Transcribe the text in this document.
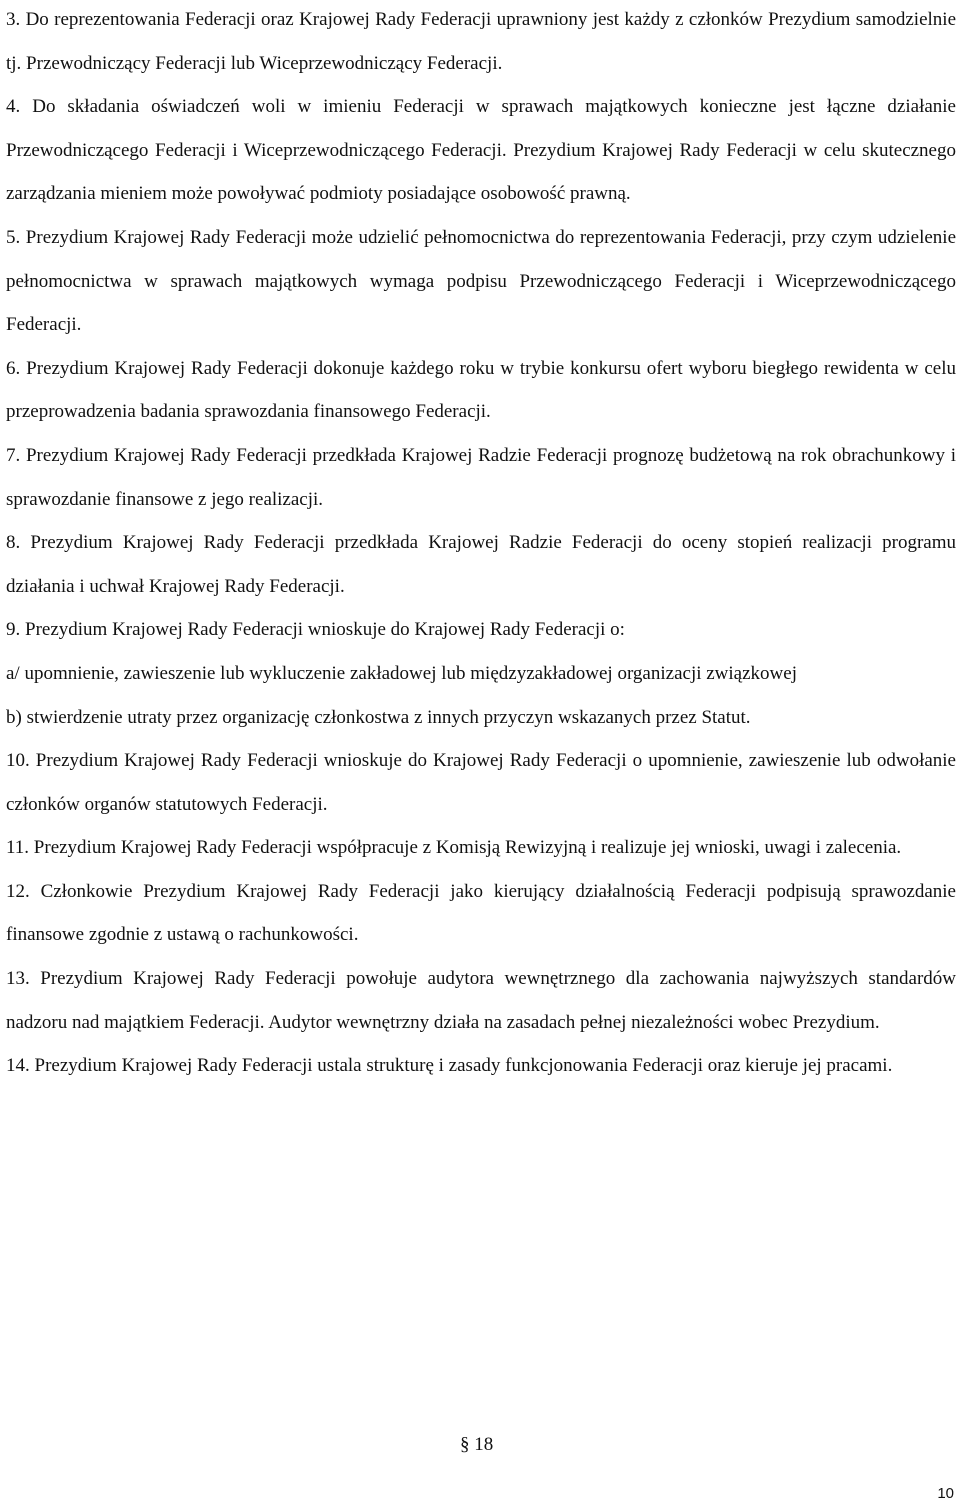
3. Do reprezentowania Federacji oraz Krajowej Rady Federacji uprawniony jest każdy z członków Prezydium samodzielnie tj. Przewodniczący Federacji lub Wiceprzewodniczący Federacji.

4. Do składania oświadczeń woli w imieniu Federacji w sprawach majątkowych konieczne jest łączne działanie Przewodniczącego Federacji i Wiceprzewodniczącego Federacji. Prezydium Krajowej Rady Federacji w celu skutecznego zarządzania mieniem może powoływać podmioty posiadające osobowość prawną.

5. Prezydium Krajowej Rady Federacji może udzielić pełnomocnictwa do reprezentowania Federacji, przy czym udzielenie pełnomocnictwa w sprawach majątkowych wymaga podpisu Przewodniczącego Federacji i Wiceprzewodniczącego Federacji.

6. Prezydium Krajowej Rady Federacji dokonuje każdego roku w trybie konkursu ofert wyboru biegłego rewidenta w celu przeprowadzenia badania sprawozdania finansowego Federacji.

7. Prezydium Krajowej Rady Federacji przedkłada Krajowej Radzie Federacji prognozę budżetową na rok obrachunkowy i sprawozdanie finansowe z jego realizacji.

8. Prezydium Krajowej Rady Federacji przedkłada Krajowej Radzie Federacji do oceny stopień realizacji programu działania i uchwał Krajowej Rady Federacji.

9. Prezydium Krajowej Rady Federacji wnioskuje do Krajowej Rady Federacji o:

a/ upomnienie, zawieszenie lub wykluczenie zakładowej lub międzyzakładowej organizacji związkowej

b) stwierdzenie utraty przez organizację członkostwa z innych przyczyn wskazanych przez Statut.

10. Prezydium Krajowej Rady Federacji wnioskuje do Krajowej Rady Federacji o upomnienie, zawieszenie lub odwołanie członków organów statutowych Federacji.

11. Prezydium Krajowej Rady Federacji współpracuje z Komisją Rewizyjną i realizuje jej wnioski, uwagi i zalecenia.

12. Członkowie Prezydium Krajowej Rady Federacji jako kierujący działalnością Federacji podpisują sprawozdanie finansowe zgodnie z ustawą o rachunkowości.

13. Prezydium Krajowej Rady Federacji powołuje audytora wewnętrznego dla zachowania najwyższych standardów nadzoru nad majątkiem Federacji. Audytor wewnętrzny działa na zasadach pełnej niezależności wobec Prezydium.

14. Prezydium Krajowej Rady Federacji ustala strukturę i zasady funkcjonowania Federacji oraz kieruje jej pracami.

§ 18
10
